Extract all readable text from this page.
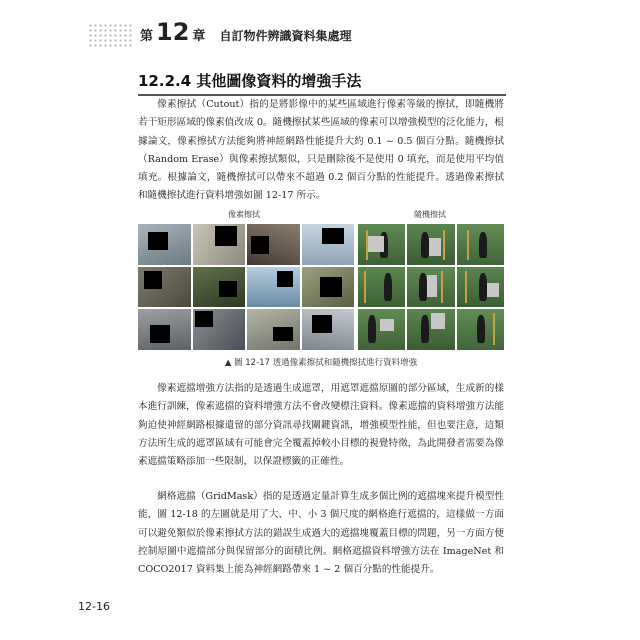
第 12 章 自訂物件辨識資料集處理
12.2.4 其他圖像資料的增強手法

像素擦拭（Cutout）指的是將影像中的某些區域進行像素等級的擦拭，即隨機將若干矩形區域的像素值改成 0。隨機擦拭某些區域的像素可以增強模型的泛化能力，根據論文，像素擦拭方法能夠將神經網路性能提升大約 0.1 ~ 0.5 個百分點。隨機擦拭（Random Erase）與像素擦拭類似，只是刪除後不是使用 0 填充，而是使用平均值填充。根據論文，隨機擦拭可以帶來不超過 0.2 個百分點的性能提升。透過像素擦拭和隨機擦拭進行資料增強如圖 12-17 所示。

像素擦拭	隨機擦拭
▲ 圖 12-17 透過像素擦拭和隨機擦拭進行資料增強

像素遮擋增強方法指的是透過生成遮罩，用遮罩遮擋原圖的部分區域，生成新的樣本進行訓練，像素遮擋的資料增強方法不會改變標注資料。像素遮擋的資料增強方法能夠迫使神經網路根據遺留的部分資訊尋找關鍵資訊，增強模型性能，但也要注意，這類方法所生成的遮罩區域有可能會完全覆蓋掉較小目標的視覺特徵，為此開發者需要為像素遮擋策略添加一些限制，以保證標籤的正確性。

網格遮擋（GridMask）指的是透過定量計算生成多個比例的遮擋塊來提升模型性能，圖 12-18 的左圖就是用了大、中、小 3 個尺度的網格進行遮擋的，這樣做一方面可以避免類似於像素擦拭方法的錯誤生成過大的遮擋塊覆蓋目標的問題，另一方面方便控制原圖中遮擋部分與保留部分的面積比例。網格遮擋資料增強方法在 ImageNet 和 COCO2017 資料集上能為神經網路帶來 1 ~ 2 個百分點的性能提升。

12-16
